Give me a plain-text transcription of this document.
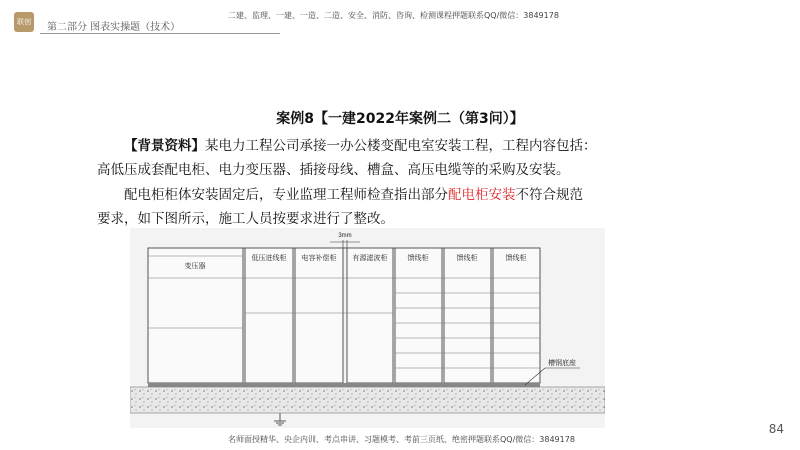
联创	第二部分 图表实操题（技术）
二建、监理、一建、一造、二造、安全、消防、咨询、检测课程押题联系QQ/微信：3849178
案例8【一建2022年案例二（第3问）】
【背景资料】某电力工程公司承接一办公楼变配电室安装工程，工程内容包括：
高低压成套配电柜、电力变压器、插接母线、槽盒、高压电缆等的采购及安装。
配电柜柜体安装固定后，专业监理工程师检查指出部分配电柜安装不符合规范
要求，如下图所示，施工人员按要求进行了整改。
3mm
变压器
低压进线柜 电容补偿柜 有源滤波柜	馈线柜	馈线柜	馈线柜
槽钢底座
84
名师面授精华、央企内训、考点串讲、习题模考、考前三页纸、绝密押题联系QQ/微信：3849178
